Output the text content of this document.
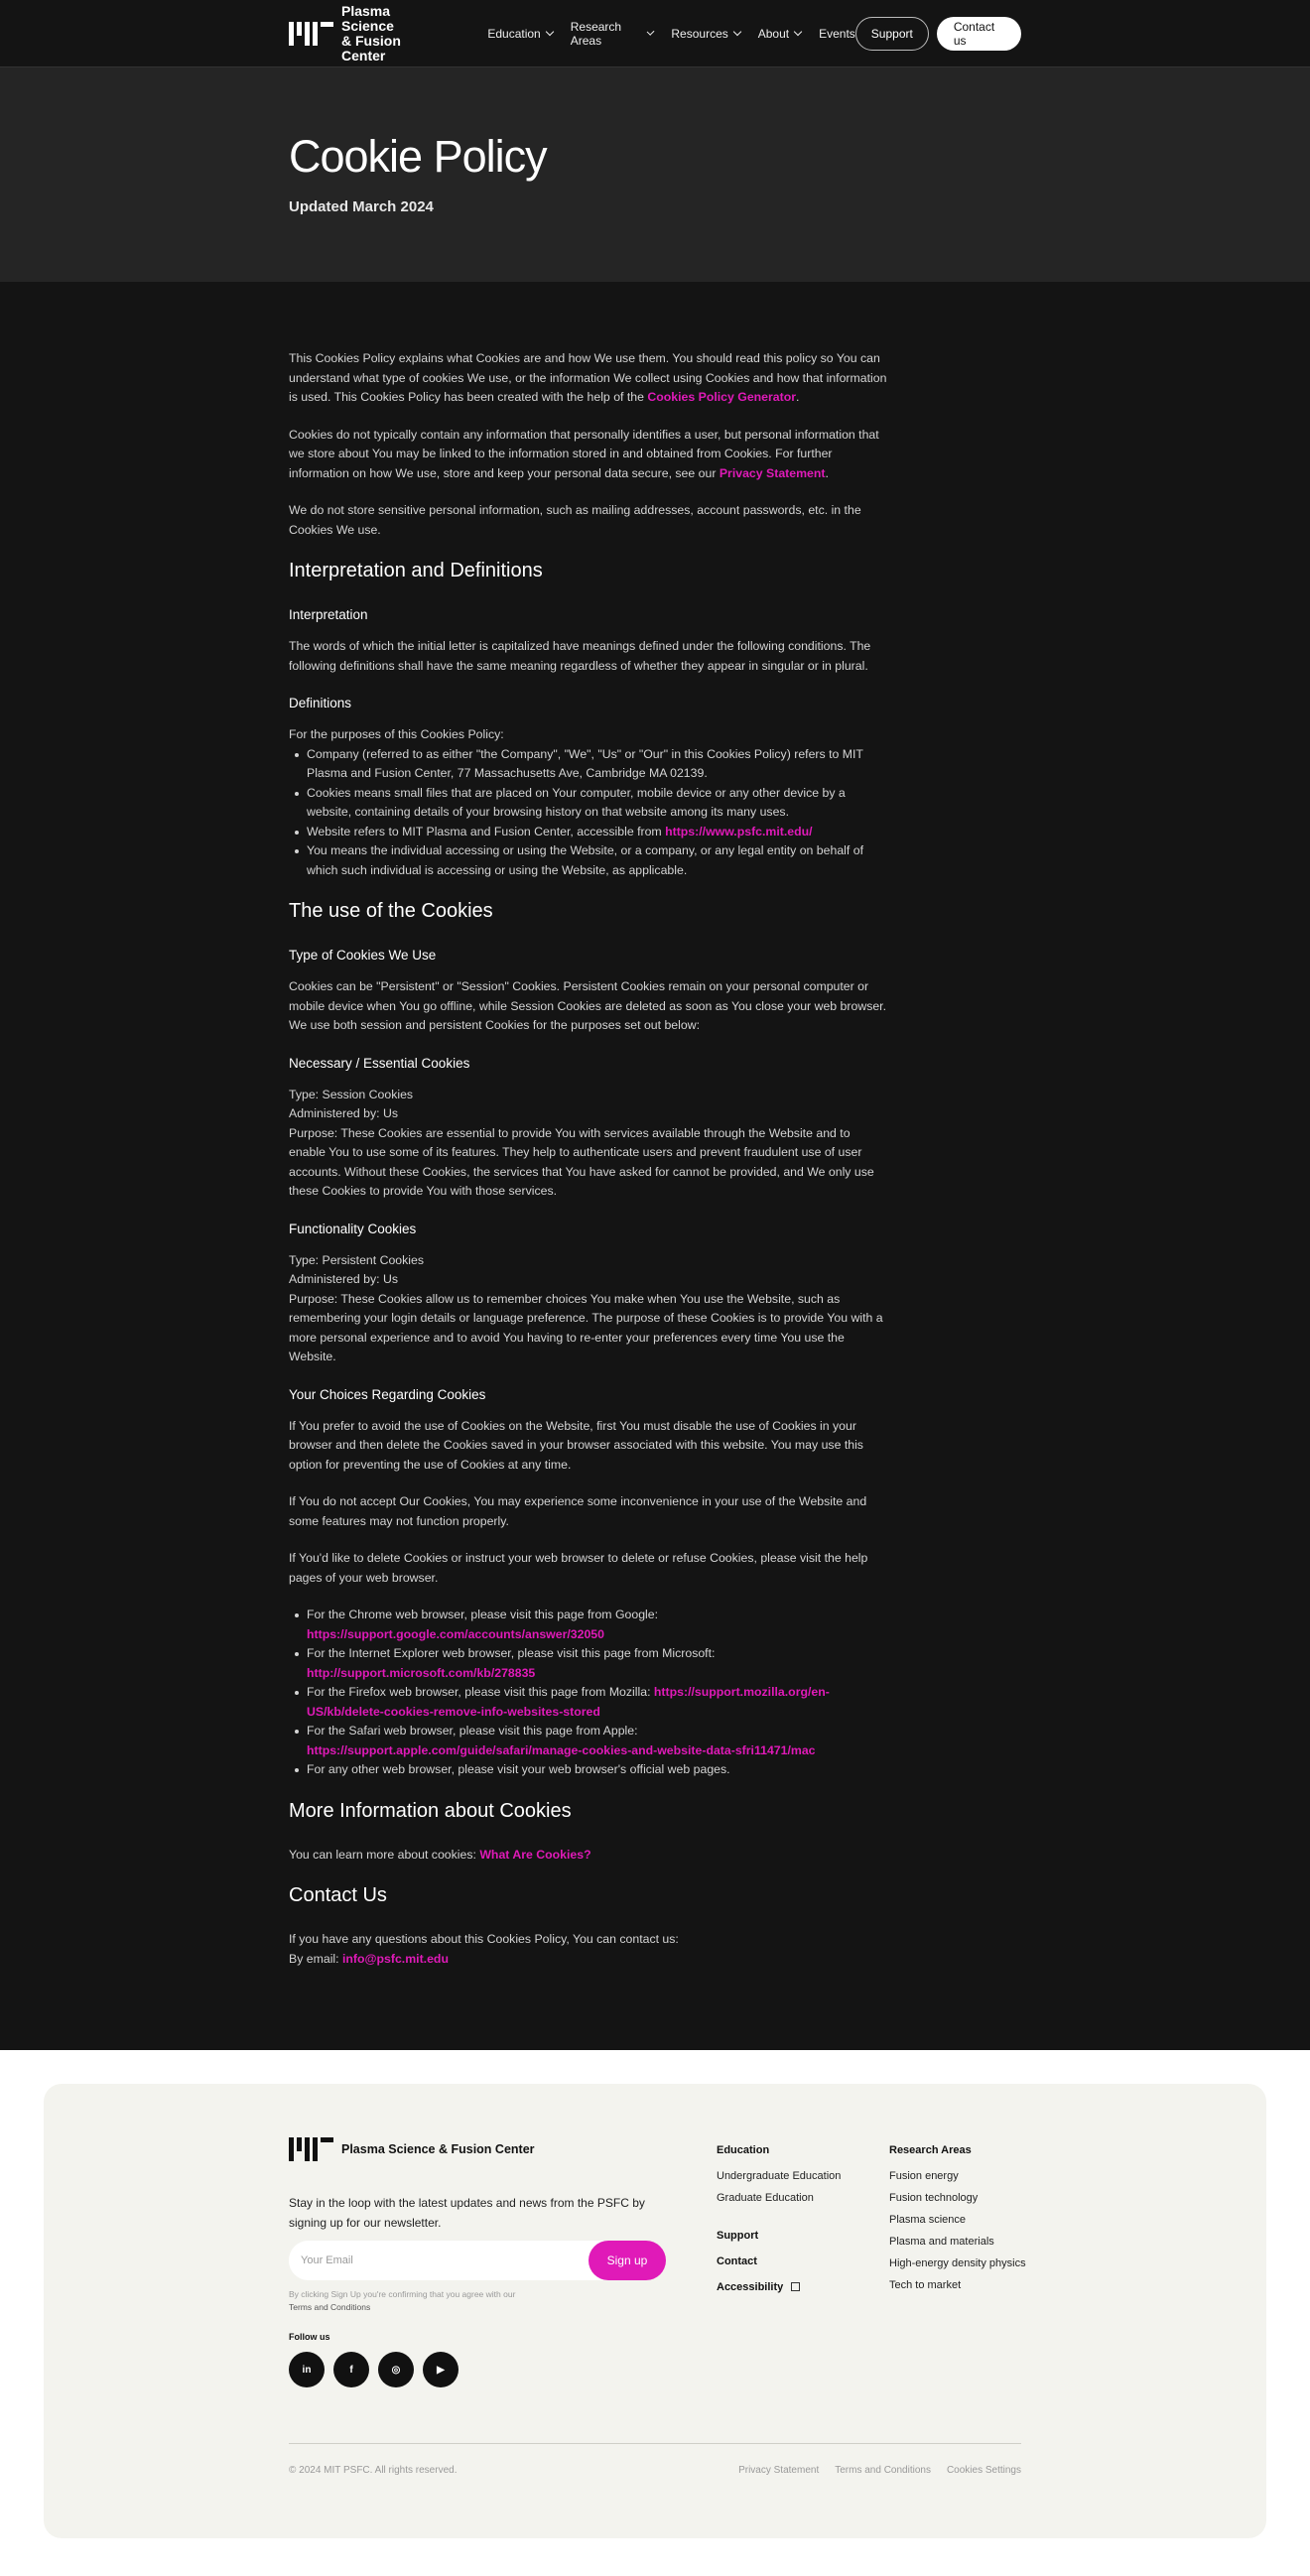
Plasma Science
& Fusion Center
Education	Research Areas	Resources	About	Events	Support	Contact us
Cookie Policy
Updated March 2024

This Cookies Policy explains what Cookies are and how We use them. You should read this policy so You can understand what type of cookies We use, or the information We collect using Cookies and how that information is used. This Cookies Policy has been created with the help of the Cookies Policy Generator.

Cookies do not typically contain any information that personally identifies a user, but personal information that we store about You may be linked to the information stored in and obtained from Cookies. For further information on how We use, store and keep your personal data secure, see our Privacy Statement.

We do not store sensitive personal information, such as mailing addresses, account passwords, etc. in the Cookies We use.

Interpretation and Definitions
Interpretation

The words of which the initial letter is capitalized have meanings defined under the following conditions. The following definitions shall have the same meaning regardless of whether they appear in singular or in plural.

Definitions

For the purposes of this Cookies Policy:

Company (referred to as either "the Company", "We", "Us" or "Our" in this Cookies Policy) refers to MIT Plasma and Fusion Center, 77 Massachusetts Ave, Cambridge MA 02139.
Cookies means small files that are placed on Your computer, mobile device or any other device by a website, containing details of your browsing history on that website among its many uses.
Website refers to MIT Plasma and Fusion Center, accessible from https://www.psfc.mit.edu/
You means the individual accessing or using the Website, or a company, or any legal entity on behalf of which such individual is accessing or using the Website, as applicable.
The use of the Cookies
Type of Cookies We Use

Cookies can be "Persistent" or "Session" Cookies. Persistent Cookies remain on your personal computer or mobile device when You go offline, while Session Cookies are deleted as soon as You close your web browser.
We use both session and persistent Cookies for the purposes set out below:

Necessary / Essential Cookies

Type: Session Cookies
Administered by: Us
Purpose: These Cookies are essential to provide You with services available through the Website and to enable You to use some of its features. They help to authenticate users and prevent fraudulent use of user accounts. Without these Cookies, the services that You have asked for cannot be provided, and We only use these Cookies to provide You with those services.

Functionality Cookies

Type: Persistent Cookies
Administered by: Us
Purpose: These Cookies allow us to remember choices You make when You use the Website, such as remembering your login details or language preference. The purpose of these Cookies is to provide You with a more personal experience and to avoid You having to re-enter your preferences every time You use the Website.

Your Choices Regarding Cookies

If You prefer to avoid the use of Cookies on the Website, first You must disable the use of Cookies in your browser and then delete the Cookies saved in your browser associated with this website. You may use this option for preventing the use of Cookies at any time.

If You do not accept Our Cookies, You may experience some inconvenience in your use of the Website and some features may not function properly.

If You'd like to delete Cookies or instruct your web browser to delete or refuse Cookies, please visit the help pages of your web browser.

For the Chrome web browser, please visit this page from Google: https://support.google.com/accounts/answer/32050
For the Internet Explorer web browser, please visit this page from Microsoft: http://support.microsoft.com/kb/278835
For the Firefox web browser, please visit this page from Mozilla: https://support.mozilla.org/en-US/kb/delete-cookies-remove-info-websites-stored
For the Safari web browser, please visit this page from Apple: https://support.apple.com/guide/safari/manage-cookies-and-website-data-sfri11471/mac
For any other web browser, please visit your web browser's official web pages.
More Information about Cookies

You can learn more about cookies: What Are Cookies?

Contact Us

If you have any questions about this Cookies Policy, You can contact us:
By email: info@psfc.mit.edu

Plasma Science & Fusion Center

Stay in the loop with the latest updates and news from the PSFC by signing up for our newsletter.

Your Email
Sign up

By clicking Sign Up you're confirming that you agree with our
Terms and Conditions

Follow us
in	f	◎	▶
Education
Undergraduate Education
Graduate Education
Support
Contact
Accessibility
Research Areas
Fusion energy
Fusion technology
Plasma science
Plasma and materials
High-energy density physics
Tech to market
© 2024 MIT PSFC. All rights reserved.	Privacy Statement Terms and Conditions Cookies Settings
